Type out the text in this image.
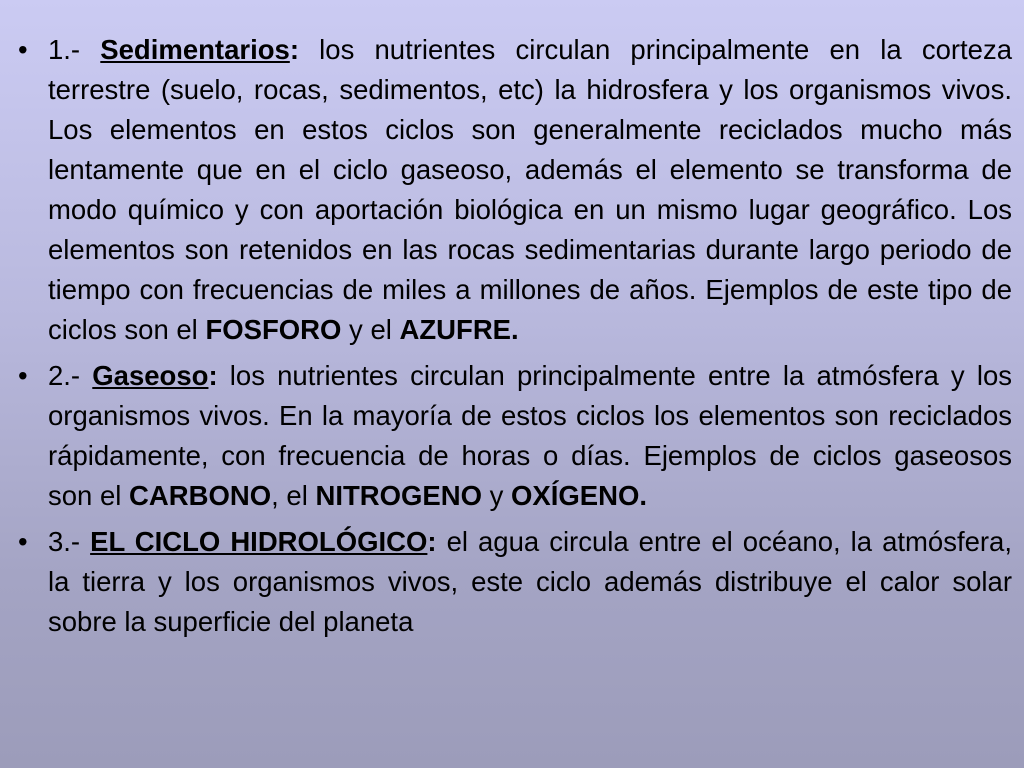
• 1.- Sedimentarios: los nutrientes circulan principalmente en la corteza terrestre (suelo, rocas, sedimentos, etc) la hidrosfera y los organismos vivos. Los elementos en estos ciclos son generalmente reciclados mucho más lentamente que en el ciclo gaseoso, además el elemento se transforma de modo químico y con aportación biológica en un mismo lugar geográfico. Los elementos son retenidos en las rocas sedimentarias durante largo periodo de tiempo con frecuencias de miles a millones de años. Ejemplos de este tipo de ciclos son el FOSFORO y el AZUFRE.
• 2.- Gaseoso: los nutrientes circulan principalmente entre la atmósfera y los organismos vivos. En la mayoría de estos ciclos los elementos son reciclados rápidamente, con frecuencia de horas o días. Ejemplos de ciclos gaseosos son el CARBONO, el NITROGENO y OXÍGENO.
• 3.- EL CICLO HIDROLÓGICO: el agua circula entre el océano, la atmósfera, la tierra y los organismos vivos, este ciclo además distribuye el calor solar sobre la superficie del planeta
